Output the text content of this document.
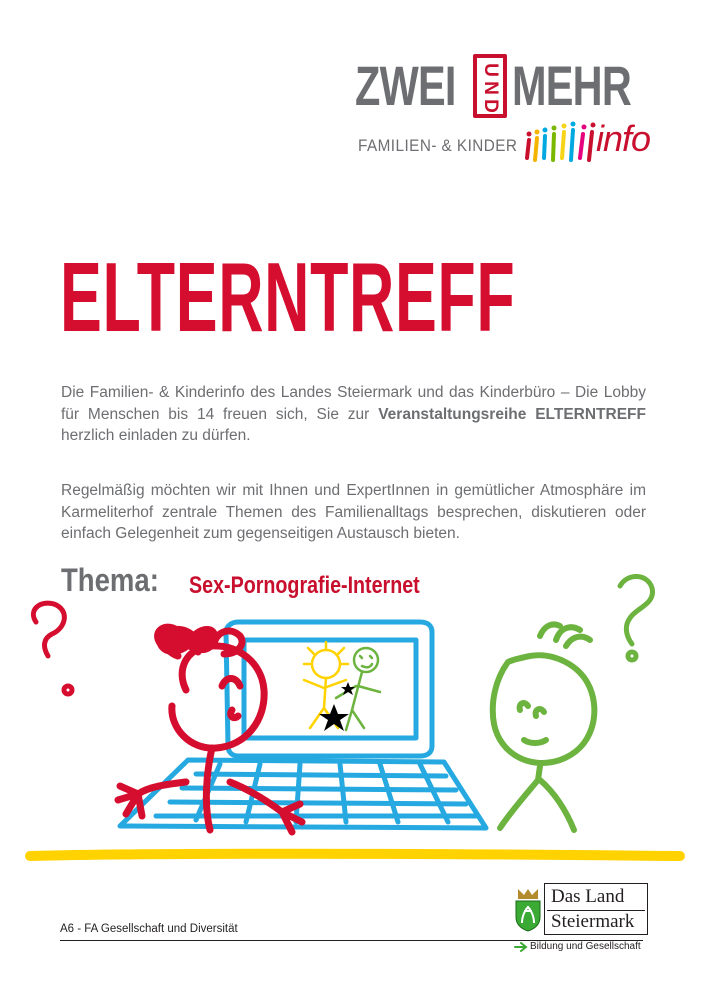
ZWEI U
N
D MEHR
FAMILIEN- & KINDER info
ELTERNTREFF

Die Familien- & Kinderinfo des Landes Steiermark und das Kinderbüro – Die Lobby für Menschen bis 14 freuen sich, Sie zur Veranstaltungsreihe ELTERNTREFF herzlich einladen zu dürfen.

Regelmäßig möchten wir mit Ihnen und ExpertInnen in gemütlicher Atmosphäre im Karmeliterhof zentrale Themen des Familienalltags besprechen, diskutieren oder einfach Gelegenheit zum gegenseitigen Austausch bieten.

Thema: Sex-Pornografie-Internet
A6 - FA Gesellschaft und Diversität
Das Land
Steiermark
Bildung und Gesellschaft
